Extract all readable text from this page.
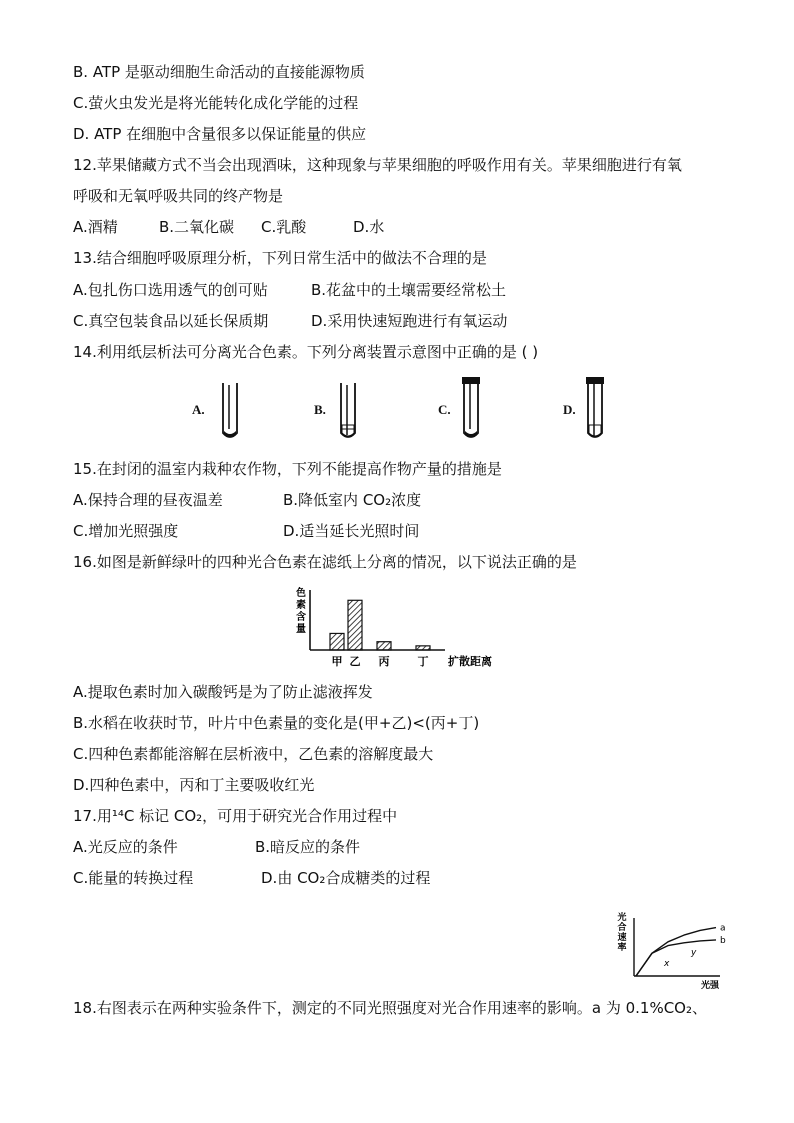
B. ATP 是驱动细胞生命活动的直接能源物质
C.萤火虫发光是将光能转化成化学能的过程
D. ATP 在细胞中含量很多以保证能量的供应
12.苹果储藏方式不当会出现酒味，这种现象与苹果细胞的呼吸作用有关。苹果细胞进行有氧
呼吸和无氧呼吸共同的终产物是
A.酒精	B.二氧化碳 C.乳酸	D.水
13.结合细胞呼吸原理分析，下列日常生活中的做法不合理的是
A.包扎伤口选用透气的创可贴	B.花盆中的土壤需要经常松土
C.真空包装食品以延长保质期	D.采用快速短跑进行有氧运动
14.利用纸层析法可分离光合色素。下列分离装置示意图中正确的是 ( )
A.	B.	C.	D.
15.在封闭的温室内栽种农作物，下列不能提高作物产量的措施是
A.保持合理的昼夜温差	B.降低室内 CO₂浓度
C.增加光照强度	D.适当延长光照时间
16.如图是新鲜绿叶的四种光合色素在滤纸上分离的情况，以下说法正确的是
色
素
含
量
甲 乙 丙	丁 扩散距离
A.提取色素时加入碳酸钙是为了防止滤液挥发
B.水稻在收获时节，叶片中色素量的变化是(甲+乙)<(丙+丁)
C.四种色素都能溶解在层析液中，乙色素的溶解度最大
D.四种色素中，丙和丁主要吸收红光
17.用¹⁴C 标记 CO₂，可用于研究光合作用过程中
A.光反应的条件	B.暗反应的条件
C.能量的转换过程	D.由 CO₂合成糖类的过程
光
合
速
率
a
b
x
y
光强
18.右图表示在两种实验条件下，测定的不同光照强度对光合作用速率的影响。a 为 0.1%CO₂、
